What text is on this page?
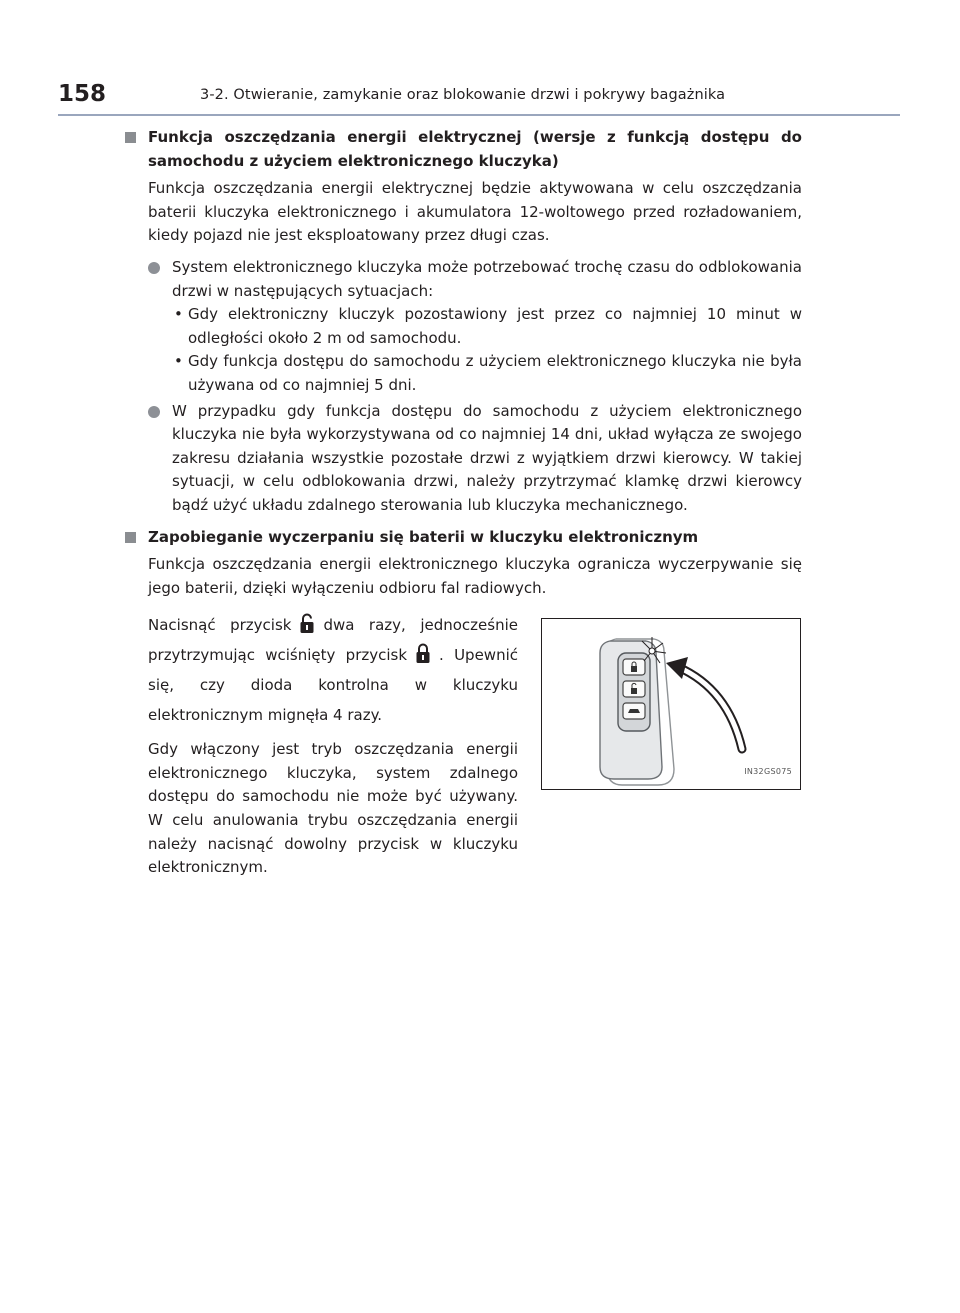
158	3-2. Otwieranie, zamykanie oraz blokowanie drzwi i pokrywy bagażnika
Funkcja oszczędzania energii elektrycznej (wersje z funkcją dostępu do samochodu z użyciem elektronicznego kluczyka)
Funkcja oszczędzania energii elektrycznej będzie aktywowana w celu oszczędzania baterii kluczyka elektronicznego i akumulatora 12-woltowego przed rozładowaniem, kiedy pojazd nie jest eksploatowany przez długi czas.
System elektronicznego kluczyka może potrzebować trochę czasu do odblokowania drzwi w następujących sytuacjach:
• Gdy elektroniczny kluczyk pozostawiony jest przez co najmniej 10 minut w odległości około 2 m od samochodu.
• Gdy funkcja dostępu do samochodu z użyciem elektronicznego kluczyka nie była używana od co najmniej 5 dni.
W przypadku gdy funkcja dostępu do samochodu z użyciem elektronicznego kluczyka nie była wykorzystywana od co najmniej 14 dni, układ wyłącza ze swojego zakresu działania wszystkie pozostałe drzwi z wyjątkiem drzwi kierowcy. W takiej sytuacji, w celu odblokowania drzwi, należy przytrzymać klamkę drzwi kierowcy bądź użyć układu zdalnego sterowania lub kluczyka mechanicznego.
Zapobieganie wyczerpaniu się baterii w kluczyku elektronicznym
Funkcja oszczędzania energii elektronicznego kluczyka ogranicza wyczerpywanie się jego baterii, dzięki wyłączeniu odbioru fal radiowych.

Nacisnąć przycisk dwa razy, jednocześnie przytrzymując wciśnięty przycisk . Upewnić się, czy dioda kontrolna w kluczyku elektronicznym mignęła 4 razy.

Gdy włączony jest tryb oszczędzania energii elektronicznego kluczyka, system zdalnego dostępu do samochodu nie może być używany. W celu anulowania trybu oszczędzania energii należy nacisnąć dowolny przycisk w kluczyku elektronicznym.

IN32GS075
